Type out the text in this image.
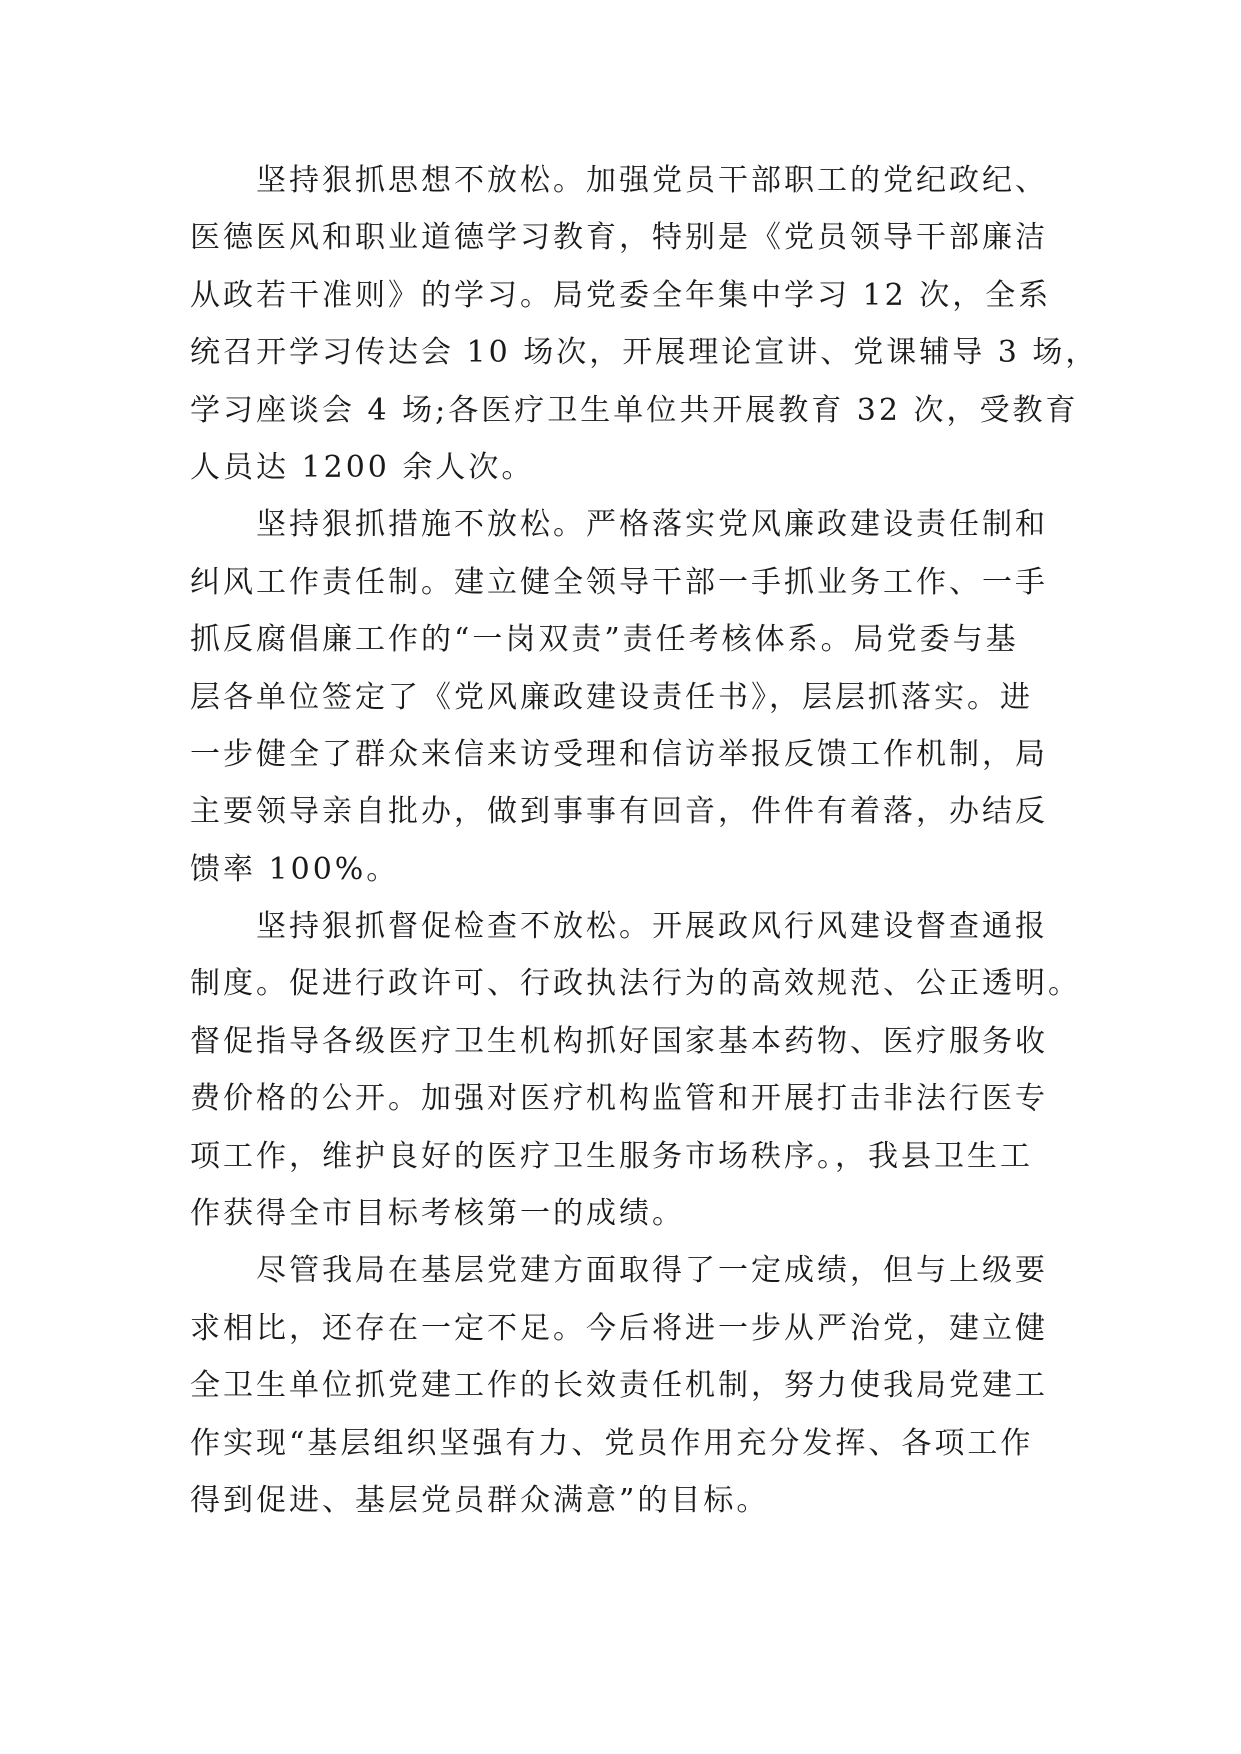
坚持狠抓思想不放松。加强党员干部职工的党纪政纪、
医德医风和职业道德学习教育，特别是《党员领导干部廉洁
从政若干准则》的学习。局党委全年集中学习 12 次，全系
统召开学习传达会 10 场次，开展理论宣讲、党课辅导 3 场，
学习座谈会 4 场;各医疗卫生单位共开展教育 32 次，受教育
人员达 1200 余人次。
坚持狠抓措施不放松。严格落实党风廉政建设责任制和
纠风工作责任制。建立健全领导干部一手抓业务工作、一手
抓反腐倡廉工作的“一岗双责”责任考核体系。局党委与基
层各单位签定了《党风廉政建设责任书》，层层抓落实。进
一步健全了群众来信来访受理和信访举报反馈工作机制，局
主要领导亲自批办，做到事事有回音，件件有着落，办结反
馈率 100%。
坚持狠抓督促检查不放松。开展政风行风建设督查通报
制度。促进行政许可、行政执法行为的高效规范、公正透明。
督促指导各级医疗卫生机构抓好国家基本药物、医疗服务收
费价格的公开。加强对医疗机构监管和开展打击非法行医专
项工作，维护良好的医疗卫生服务市场秩序。，我县卫生工
作获得全市目标考核第一的成绩。
尽管我局在基层党建方面取得了一定成绩，但与上级要
求相比，还存在一定不足。今后将进一步从严治党，建立健
全卫生单位抓党建工作的长效责任机制，努力使我局党建工
作实现“基层组织坚强有力、党员作用充分发挥、各项工作
得到促进、基层党员群众满意”的目标。
